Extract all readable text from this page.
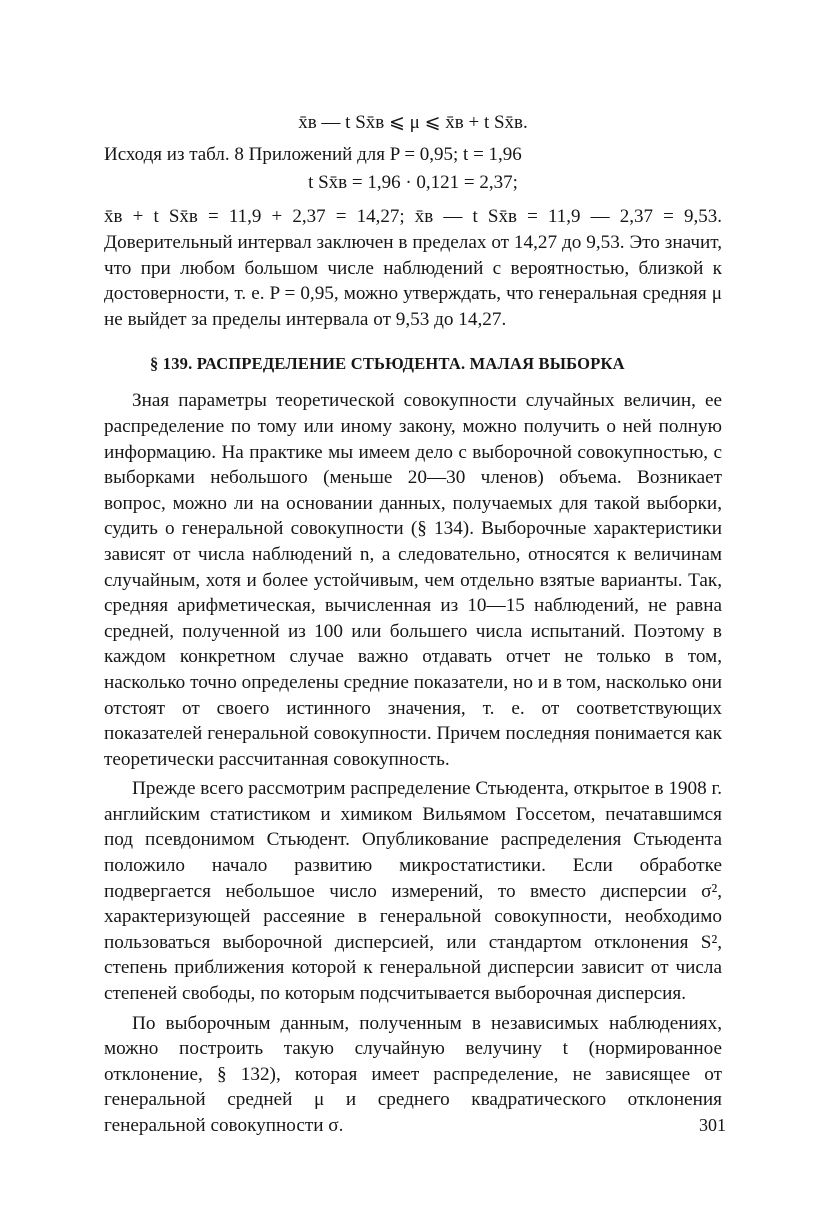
x̄в — t Sx̄в ⩽ μ ⩽ x̄в + t Sx̄в.
Исходя из табл. 8 Приложений для P = 0,95; t = 1,96
t Sx̄в = 1,96 · 0,121 = 2,37;
x̄в + t Sx̄в = 11,9 + 2,37 = 14,27; x̄в — t Sx̄в = 11,9 — 2,37 = 9,53.

Доверительный интервал заключен в пределах от 14,27 до 9,53. Это значит, что при любом большом числе наблюдений с вероятностью, близкой к достоверности, т. е. P = 0,95, можно утверждать, что генеральная средняя μ не выйдет за пределы интервала от 9,53 до 14,27.

§ 139. РАСПРЕДЕЛЕНИЕ СТЬЮДЕНТА. МАЛАЯ ВЫБОРКА

Зная параметры теоретической совокупности случайных величин, ее распределение по тому или иному закону, можно получить о ней полную информацию. На практике мы имеем дело с выборочной совокупностью, с выборками небольшого (меньше 20—30 членов) объема. Возникает вопрос, можно ли на основании данных, получаемых для такой выборки, судить о генеральной совокупности (§ 134). Выборочные характеристики зависят от числа наблюдений n, а следовательно, относятся к величинам случайным, хотя и более устойчивым, чем отдельно взятые варианты. Так, средняя арифметическая, вычисленная из 10—15 наблюдений, не равна средней, полученной из 100 или большего числа испытаний. Поэтому в каждом конкретном случае важно отдавать отчет не только в том, насколько точно определены средние показатели, но и в том, насколько они отстоят от своего истинного значения, т. е. от соответствующих показателей генеральной совокупности. Причем последняя понимается как теоретически рассчитанная совокупность.

Прежде всего рассмотрим распределение Стьюдента, открытое в 1908 г. английским статистиком и химиком Вильямом Госсетом, печатавшимся под псевдонимом Стьюдент. Опубликование распределения Стьюдента положило начало развитию микростатистики. Если обработке подвергается небольшое число измерений, то вместо дисперсии σ², характеризующей рассеяние в генеральной совокупности, необходимо пользоваться выборочной дисперсией, или стандартом отклонения S², степень приближения которой к генеральной дисперсии зависит от числа степеней свободы, по которым подсчитывается выборочная дисперсия.

По выборочным данным, полученным в независимых наблюдениях, можно построить такую случайную велучину t (нормированное отклонение, § 132), которая имеет распределение, не зависящее от генеральной средней μ и среднего квадратического отклонения генеральной совокупности σ.	301
